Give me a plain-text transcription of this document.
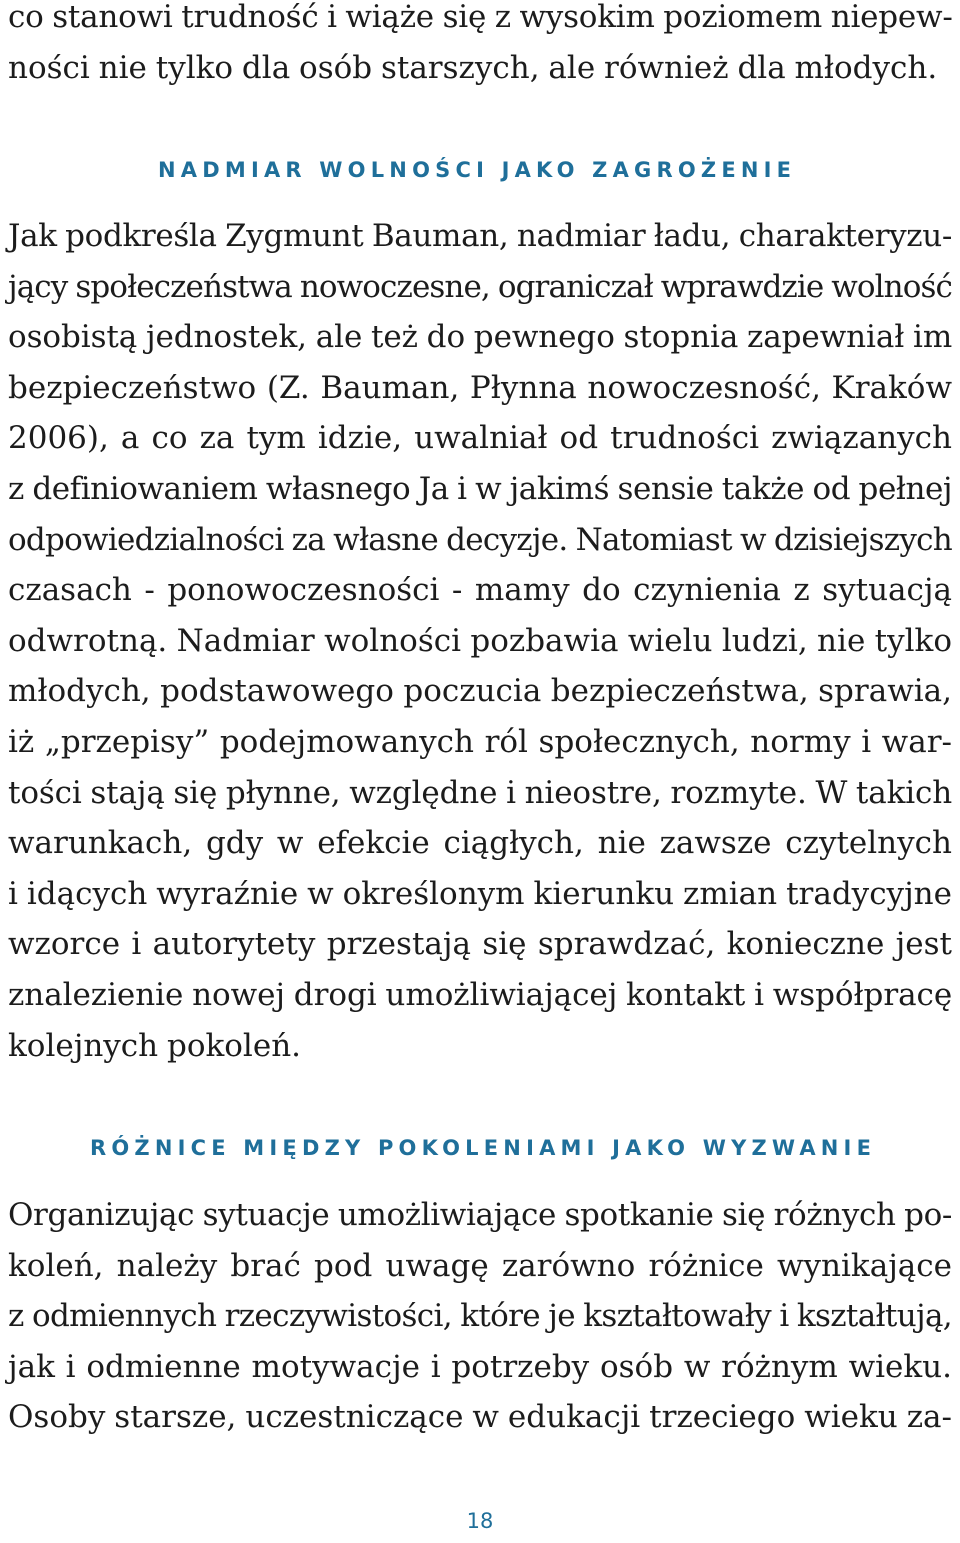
co stanowi trudność i wiąże się z wysokim poziomem niepew-
ności nie tylko dla osób starszych, ale również dla młodych.
NADMIAR WOLNOŚCI JAKO ZAGROŻENIE
Jak podkreśla Zygmunt Bauman, nadmiar ładu, charakteryzu-
jący społeczeństwa nowoczesne, ograniczał wprawdzie wolność
osobistą jednostek, ale też do pewnego stopnia zapewniał im
bezpieczeństwo (Z. Bauman, Płynna nowoczesność, Kraków
2006), a co za tym idzie, uwalniał od trudności związanych
z definiowaniem własnego Ja i w jakimś sensie także od pełnej
odpowiedzialności za własne decyzje. Natomiast w dzisiejszych
czasach - ponowoczesności - mamy do czynienia z sytuacją
odwrotną. Nadmiar wolności pozbawia wielu ludzi, nie tylko
młodych, podstawowego poczucia bezpieczeństwa, sprawia,
iż „przepisy” podejmowanych ról społecznych, normy i war-
tości stają się płynne, względne i nieostre, rozmyte. W takich
warunkach, gdy w efekcie ciągłych, nie zawsze czytelnych
i idących wyraźnie w określonym kierunku zmian tradycyjne
wzorce i autorytety przestają się sprawdzać, konieczne jest
znalezienie nowej drogi umożliwiającej kontakt i współpracę
kolejnych pokoleń.
RÓŻNICE MIĘDZY POKOLENIAMI JAKO WYZWANIE
Organizując sytuacje umożliwiające spotkanie się różnych po-
koleń, należy brać pod uwagę zarówno różnice wynikające
z odmiennych rzeczywistości, które je kształtowały i kształtują,
jak i odmienne motywacje i potrzeby osób w różnym wieku.
Osoby starsze, uczestniczące w edukacji trzeciego wieku za-
18
